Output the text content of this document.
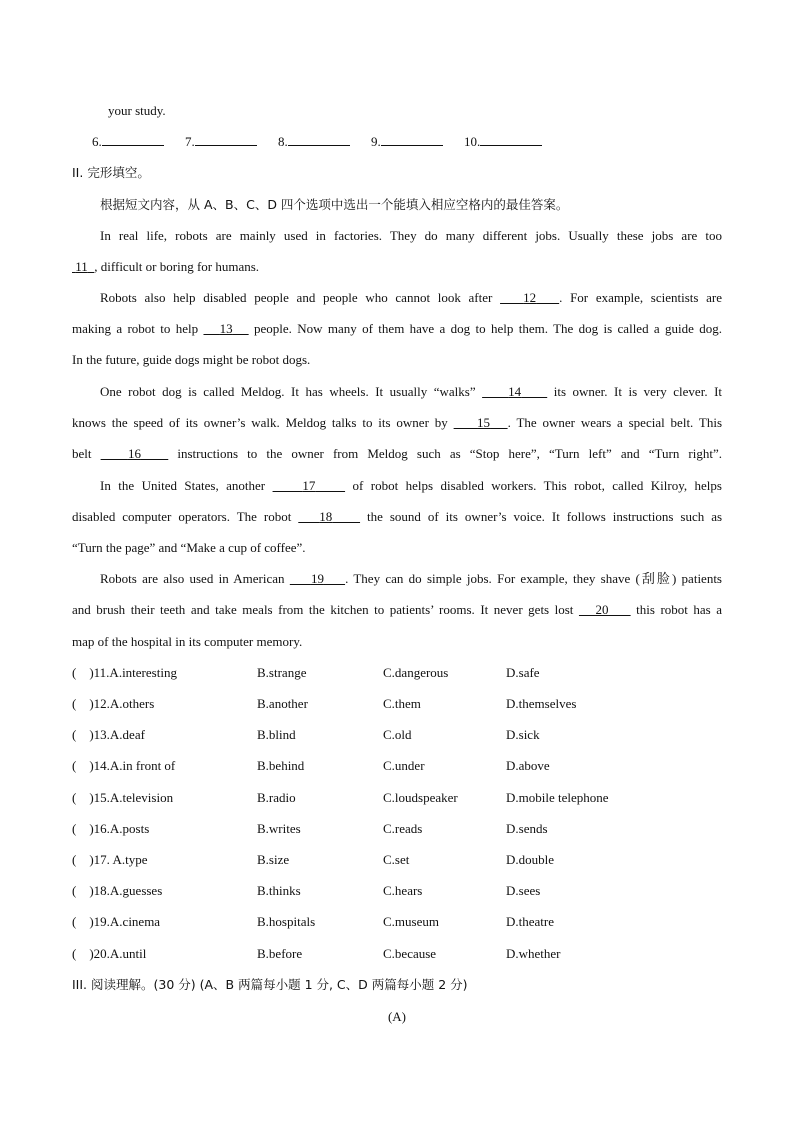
your study.
6.	7.	8.	9.	10.
II. 完形填空。
根据短文内容，从 A、B、C、D 四个选项中选出一个能填入相应空格内的最佳答案。
In real life, robots are mainly used in factories. They do many different jobs. Usually these jobs are too
11 , difficult or boring for humans.
Robots also help disabled people and people who cannot look after 12 . For example, scientists are
making a robot to help 13 people. Now many of them have a dog to help them. The dog is called a guide dog.
In the future, guide dogs might be robot dogs.
One robot dog is called Meldog. It has wheels. It usually “walks”	14	its owner. It is very clever. It
knows the speed of its owner’s walk. Meldog talks to its owner by 15 . The owner wears a special belt. This
belt	16	instructions to the owner from Meldog such as “Stop here”, “Turn left” and “Turn right”.
In the United States, another	17	of robot helps disabled workers. This robot, called Kilroy, helps
disabled computer operators. The robot 18	the sound of its owner’s voice. It follows instructions such as
“Turn the page” and “Make a cup of coffee”.
Robots are also used in American 19 . They can do simple jobs. For example, they shave (刮脸) patients
and brush their teeth and take meals from the kitchen to patients’ rooms. It never gets lost 20 this robot has a
map of the hospital in its computer memory.
(    )11.A.interesting	B.strange	C.dangerous	D.safe
(    )12.A.others	B.another	C.them	D.themselves
(    )13.A.deaf	B.blind	C.old	D.sick
(    )14.A.in front of	B.behind	C.under	D.above
(    )15.A.television	B.radio	C.loudspeaker	D.mobile telephone
(    )16.A.posts	B.writes	C.reads	D.sends
(    )17. A.type	B.size	C.set	D.double
(    )18.A.guesses	B.thinks	C.hears	D.sees
(    )19.A.cinema	B.hospitals	C.museum	D.theatre
(    )20.A.until	B.before	C.because	D.whether
III. 阅读理解。(30 分) (A、B 两篇每小题 1 分, C、D 两篇每小题 2 分)
(A)
